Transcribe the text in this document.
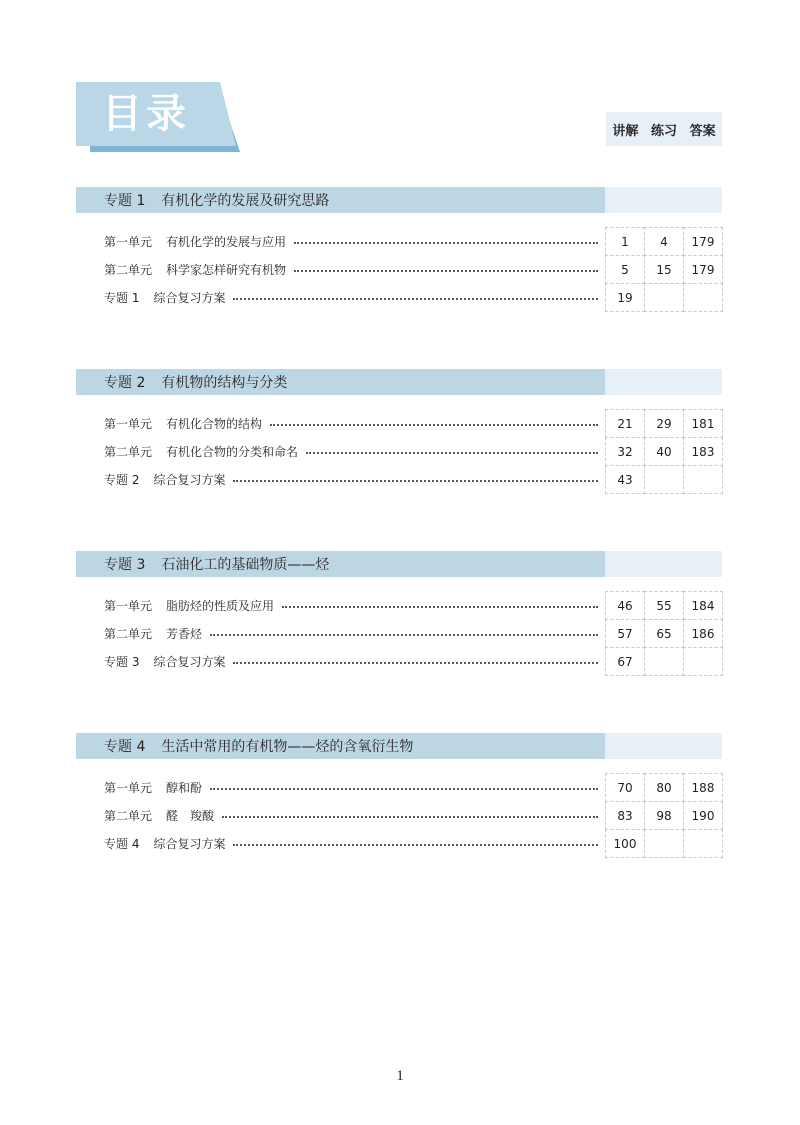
目录	讲解 练习 答案
专题 1 有机化学的发展及研究思路
第一单元 有机化学的发展与应用	1	4	179
第二单元 科学家怎样研究有机物	5	15	179
专题 1 综合复习方案	19
专题 2 有机物的结构与分类
第一单元 有机化合物的结构	21	29	181
第二单元 有机化合物的分类和命名	32	40	183
专题 2 综合复习方案	43
专题 3 石油化工的基础物质——烃
第一单元 脂肪烃的性质及应用	46	55	184
第二单元 芳香烃	57	65	186
专题 3 综合复习方案	67
专题 4 生活中常用的有机物——烃的含氧衍生物
第一单元 醇和酚	70	80	188
第二单元 醛　羧酸	83	98	190
专题 4 综合复习方案	100
1
